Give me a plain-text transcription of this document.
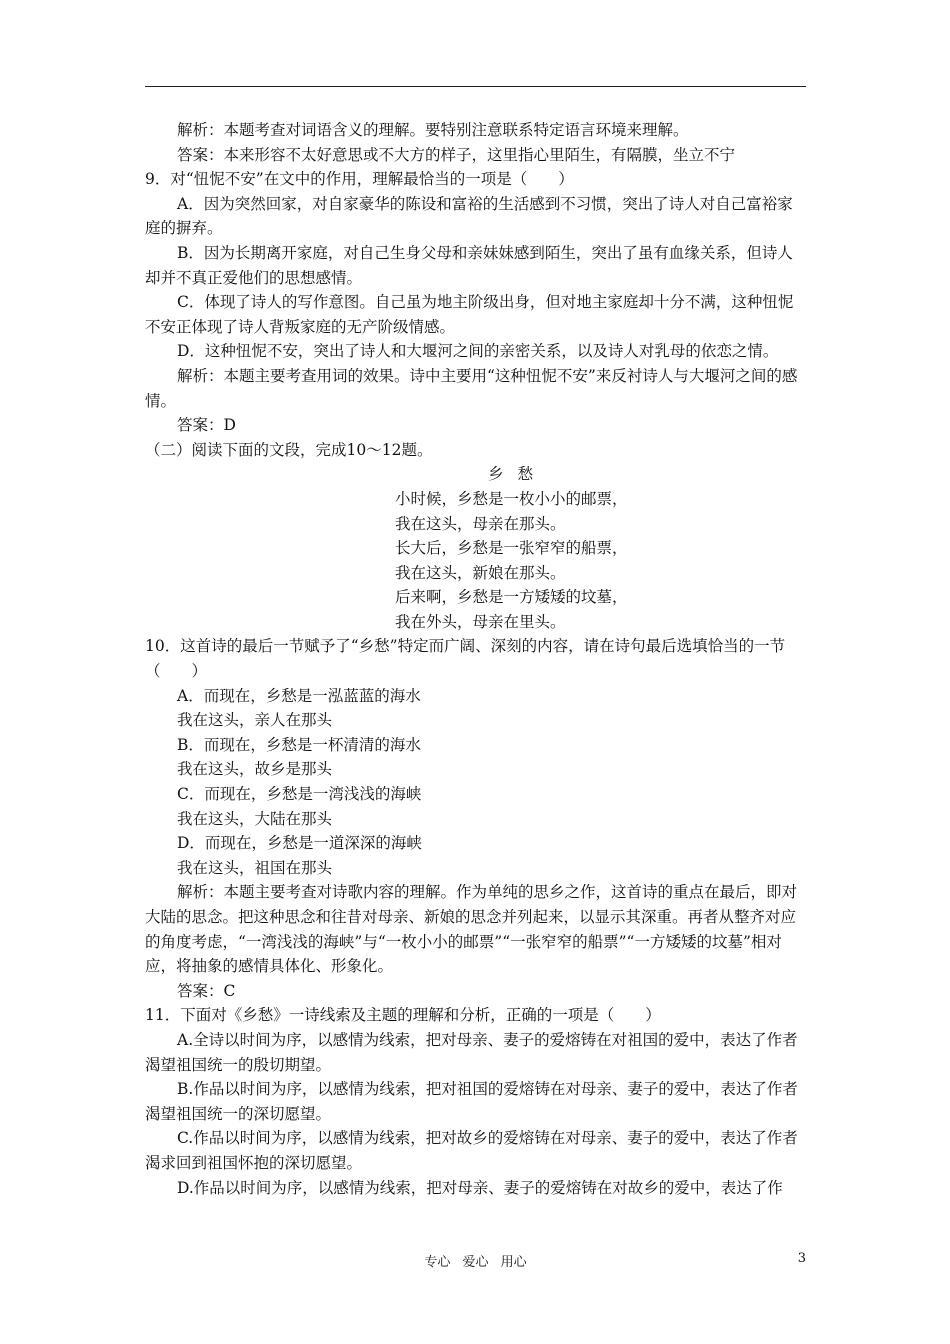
解析：本题考查对词语含义的理解。要特别注意联系特定语言环境来理解。

答案：本来形容不太好意思或不大方的样子，这里指心里陌生，有隔膜，坐立不宁

9．对“忸怩不安”在文中的作用，理解最恰当的一项是（　　）

A．因为突然回家，对自家豪华的陈设和富裕的生活感到不习惯，突出了诗人对自己富裕家庭的摒弃。

B．因为长期离开家庭，对自己生身父母和亲妹妹感到陌生，突出了虽有血缘关系，但诗人却并不真正爱他们的思想感情。

C．体现了诗人的写作意图。自己虽为地主阶级出身，但对地主家庭却十分不满，这种忸怩不安正体现了诗人背叛家庭的无产阶级情感。

D．这种忸怩不安，突出了诗人和大堰河之间的亲密关系，以及诗人对乳母的依恋之情。

解析：本题主要考查用词的效果。诗中主要用“这种忸怩不安”来反衬诗人与大堰河之间的感情。

答案：D

（二）阅读下面的文段，完成10～12题。

乡愁

小时候，乡愁是一枚小小的邮票，

我在这头，母亲在那头。

长大后，乡愁是一张窄窄的船票，

我在这头，新娘在那头。

后来啊，乡愁是一方矮矮的坟墓，

我在外头，母亲在里头。

10．这首诗的最后一节赋予了“乡愁”特定而广阔、深刻的内容，请在诗句最后选填恰当的一节（　　）

A．而现在，乡愁是一泓蓝蓝的海水

我在这头，亲人在那头

B．而现在，乡愁是一杯清清的海水

我在这头，故乡是那头

C．而现在，乡愁是一湾浅浅的海峡

我在这头，大陆在那头

D．而现在，乡愁是一道深深的海峡

我在这头，祖国在那头

解析：本题主要考查对诗歌内容的理解。作为单纯的思乡之作，这首诗的重点在最后，即对大陆的思念。把这种思念和往昔对母亲、新娘的思念并列起来，以显示其深重。再者从整齐对应的角度考虑，“一湾浅浅的海峡”与“一枚小小的邮票”“一张窄窄的船票”“一方矮矮的坟墓”相对应，将抽象的感情具体化、形象化。

答案：C

11．下面对《乡愁》一诗线索及主题的理解和分析，正确的一项是（　　）

A.全诗以时间为序，以感情为线索，把对母亲、妻子的爱熔铸在对祖国的爱中，表达了作者渴望祖国统一的殷切期望。

B.作品以时间为序，以感情为线索，把对祖国的爱熔铸在对母亲、妻子的爱中，表达了作者渴望祖国统一的深切愿望。

C.作品以时间为序，以感情为线索，把对故乡的爱熔铸在对母亲、妻子的爱中，表达了作者渴求回到祖国怀抱的深切愿望。

D.作品以时间为序，以感情为线索，把对母亲、妻子的爱熔铸在对故乡的爱中，表达了作

专心 爱心 用心	3
